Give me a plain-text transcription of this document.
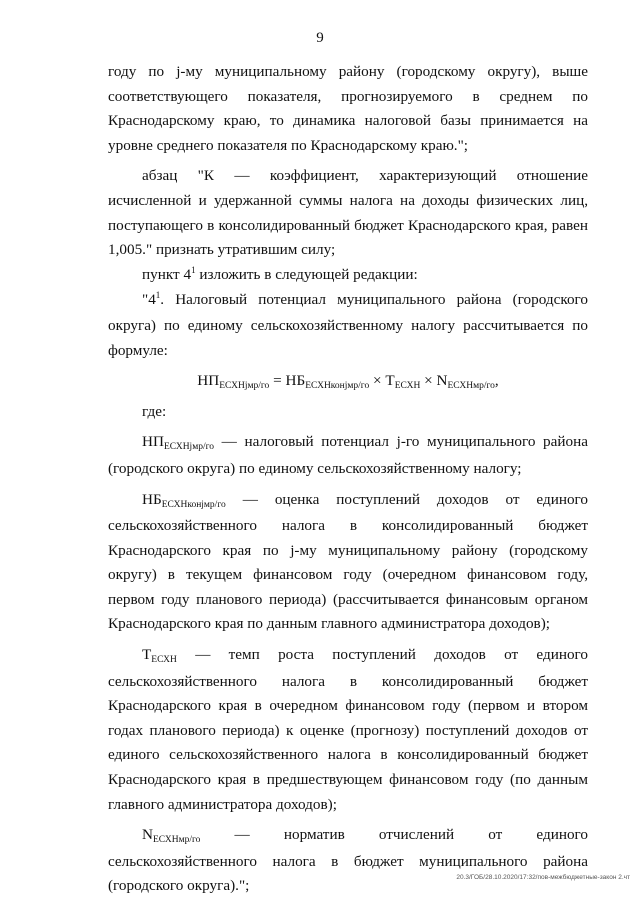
9

году по j-му муниципальному району (городскому округу), выше соответствующего показателя, прогнозируемого в среднем по Краснодарскому краю, то динамика налоговой базы принимается на уровне среднего показателя по Краснодарскому краю.";

абзац "К — коэффициент, характеризующий отношение исчисленной и удержанной суммы налога на доходы физических лиц, поступающего в консолидированный бюджет Краснодарского края, равен 1,005." признать утратившим силу;

пункт $4^1$ изложить в следующей редакции:

"$4^1$. Налоговый потенциал муниципального района (городского округа) по единому сельскохозяйственному налогу рассчитывается по формуле:

НПЕСХНjмр/го = НБЕСХНконjмр/го × ТЕСХН × NЕСХНмр/го,

где:

НПЕСХНjмр/го — налоговый потенциал j-го муниципального района (городского округа) по единому сельскохозяйственному налогу;

НБЕСХНконjмр/го — оценка поступлений доходов от единого сельскохозяйственного налога в консолидированный бюджет Краснодарского края по j-му муниципальному району (городскому округу) в текущем финансовом году (очередном финансовом году, первом году планового периода) (рассчитывается финансовым органом Краснодарского края по данным главного администратора доходов);

ТЕСХН — темп роста поступлений доходов от единого сельскохозяйственного налога в консолидированный бюджет Краснодарского края в очередном финансовом году (первом и втором годах планового периода) к оценке (прогнозу) поступлений доходов от единого сельскохозяйственного налога в консолидированный бюджет Краснодарского края в предшествующем финансовом году (по данным главного администратора доходов);

NЕСХНмр/го — норматив отчислений от единого сельскохозяйственного налога в бюджет муниципального района (городского округа).";	20.3/ГОБ/28.10.2020/17:32/пов-межбюджетные-закон 2.чт
